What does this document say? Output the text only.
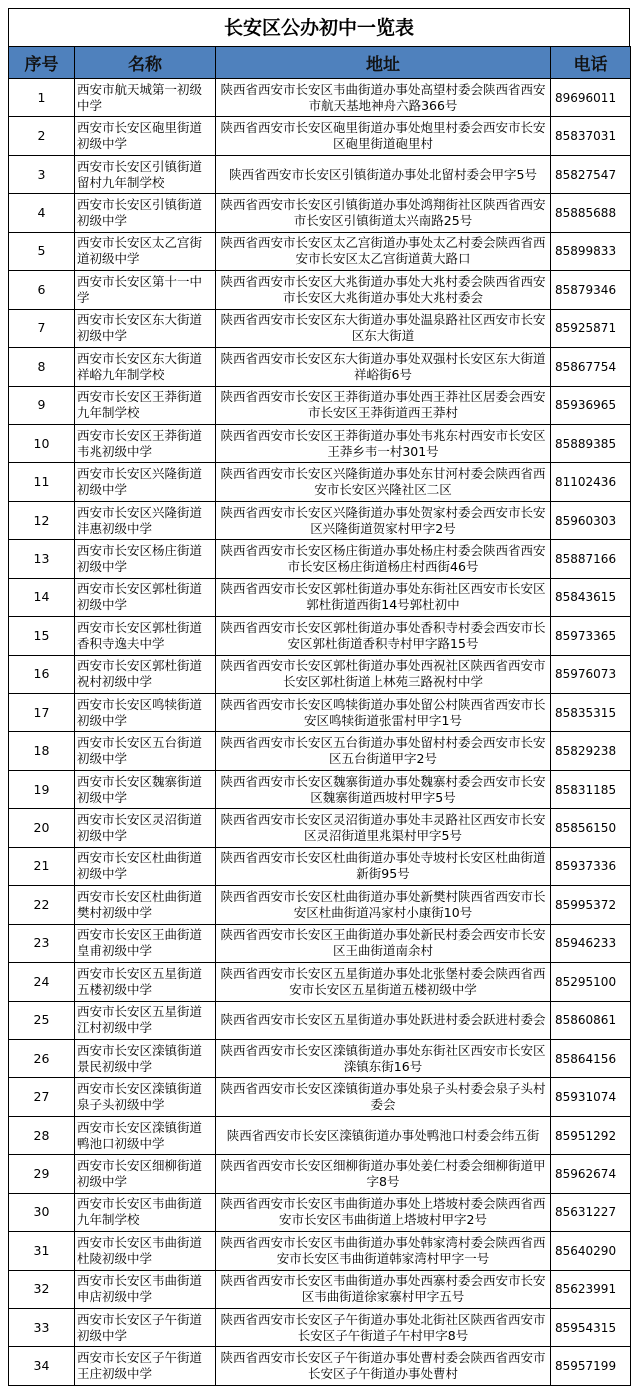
长安区公办初中一览表
序号	名称	地址	电话
1	西安市航天城第一初级中学	陕西省西安市长安区韦曲街道办事处高望村委会陕西省西安市航天基地神舟六路366号	89696011
2	西安市长安区砲里街道初级中学	陕西省西安市长安区砲里街道办事处炮里村委会西安市长安区砲里街道砲里村	85837031
3	西安市长安区引镇街道留村九年制学校	陕西省西安市长安区引镇街道办事处北留村委会甲字5号	85827547
4	西安市长安区引镇街道初级中学	陕西省西安市长安区引镇街道办事处鸿翔街社区陕西省西安市长安区引镇街道太兴南路25号	85885688
5	西安市长安区太乙宫街道初级中学	陕西省西安市长安区太乙宫街道办事处太乙村委会陕西省西安市长安区太乙宫街道黄大路口	85899833
6	西安市长安区第十一中学	陕西省西安市长安区大兆街道办事处大兆村委会陕西省西安市长安区大兆街道办事处大兆村委会	85879346
7	西安市长安区东大街道初级中学	陕西省西安市长安区东大街道办事处温泉路社区西安市长安区东大街道	85925871
8	西安市长安区东大街道祥峪九年制学校	陕西省西安市长安区东大街道办事处双强村长安区东大街道祥峪街6号	85867754
9	西安市长安区王莽街道九年制学校	陕西省西安市长安区王莽街道办事处西王莽社区居委会西安市长安区王莽街道西王莽村	85936965
10	西安市长安区王莽街道韦兆初级中学	陕西省西安市长安区王莽街道办事处韦兆东村西安市长安区王莽乡韦一村301号	85889385
11	西安市长安区兴隆街道初级中学	陕西省西安市长安区兴隆街道办事处东甘河村委会陕西省西安市长安区兴隆社区二区	81102436
12	西安市长安区兴隆街道沣惠初级中学	陕西省西安市长安区兴隆街道办事处贺家村委会西安市长安区兴隆街道贺家村甲字2号	85960303
13	西安市长安区杨庄街道初级中学	陕西省西安市长安区杨庄街道办事处杨庄村委会陕西省西安市长安区杨庄街道杨庄村西街46号	85887166
14	西安市长安区郭杜街道初级中学	陕西省西安市长安区郭杜街道办事处东街社区西安市长安区郭杜街道西街14号郭杜初中	85843615
15	西安市长安区郭杜街道香积寺逸夫中学	陕西省西安市长安区郭杜街道办事处香积寺村委会西安市长安区郭杜街道香积寺村甲字路15号	85973365
16	西安市长安区郭杜街道祝村初级中学	陕西省西安市长安区郭杜街道办事处西祝社区陕西省西安市长安区郭杜街道上林苑三路祝村中学	85976073
17	西安市长安区鸣犊街道初级中学	陕西省西安市长安区鸣犊街道办事处留公村陕西省西安市长安区鸣犊街道张雷村甲字1号	85835315
18	西安市长安区五台街道初级中学	陕西省西安市长安区五台街道办事处留村村委会西安市长安区五台街道甲字2号	85829238
19	西安市长安区魏寨街道初级中学	陕西省西安市长安区魏寨街道办事处魏寨村委会西安市长安区魏寨街道西坡村甲字5号	85831185
20	西安市长安区灵沼街道初级中学	陕西省西安市长安区灵沼街道办事处丰灵路社区西安市长安区灵沼街道里兆渠村甲字5号	85856150
21	西安市长安区杜曲街道初级中学	陕西省西安市长安区杜曲街道办事处寺坡村长安区杜曲街道新街95号	85937336
22	西安市长安区杜曲街道樊村初级中学	陕西省西安市长安区杜曲街道办事处新樊村陕西省西安市长安区杜曲街道冯家村小康街10号	85995372
23	西安市长安区王曲街道皇甫初级中学	陕西省西安市长安区王曲街道办事处新民村委会西安市长安区王曲街道南余村	85946233
24	西安市长安区五星街道五楼初级中学	陕西省西安市长安区五星街道办事处北张堡村委会陕西省西安市长安区五星街道五楼初级中学	85295100
25	西安市长安区五星街道江村初级中学	陕西省西安市长安区五星街道办事处跃进村委会跃进村委会	85860861
26	西安市长安区滦镇街道景民初级中学	陕西省西安市长安区滦镇街道办事处东街社区西安市长安区滦镇东街16号	85864156
27	西安市长安区滦镇街道泉子头初级中学	陕西省西安市长安区滦镇街道办事处泉子头村委会泉子头村委会	85931074
28	西安市长安区滦镇街道鸭池口初级中学	陕西省西安市长安区滦镇街道办事处鸭池口村委会纬五街	85951292
29	西安市长安区细柳街道初级中学	陕西省西安市长安区细柳街道办事处姜仁村委会细柳街道甲字8号	85962674
30	西安市长安区韦曲街道九年制学校	陕西省西安市长安区韦曲街道办事处上塔坡村委会陕西省西安市长安区韦曲街道上塔坡村甲字2号	85631227
31	西安市长安区韦曲街道杜陵初级中学	陕西省西安市长安区韦曲街道办事处韩家湾村委会陕西省西安市长安区韦曲街道韩家湾村甲字一号	85640290
32	西安市长安区韦曲街道申店初级中学	陕西省西安市长安区韦曲街道办事处西寨村委会西安市长安区韦曲街道徐家寨村甲字五号	85623991
33	西安市长安区子午街道初级中学	陕西省西安市长安区子午街道办事处北街社区陕西省西安市长安区子午街道子午村甲字8号	85954315
34	西安市长安区子午街道王庄初级中学	陕西省西安市长安区子午街道办事处曹村委会陕西省西安市长安区子午街道办事处曹村	85957199
